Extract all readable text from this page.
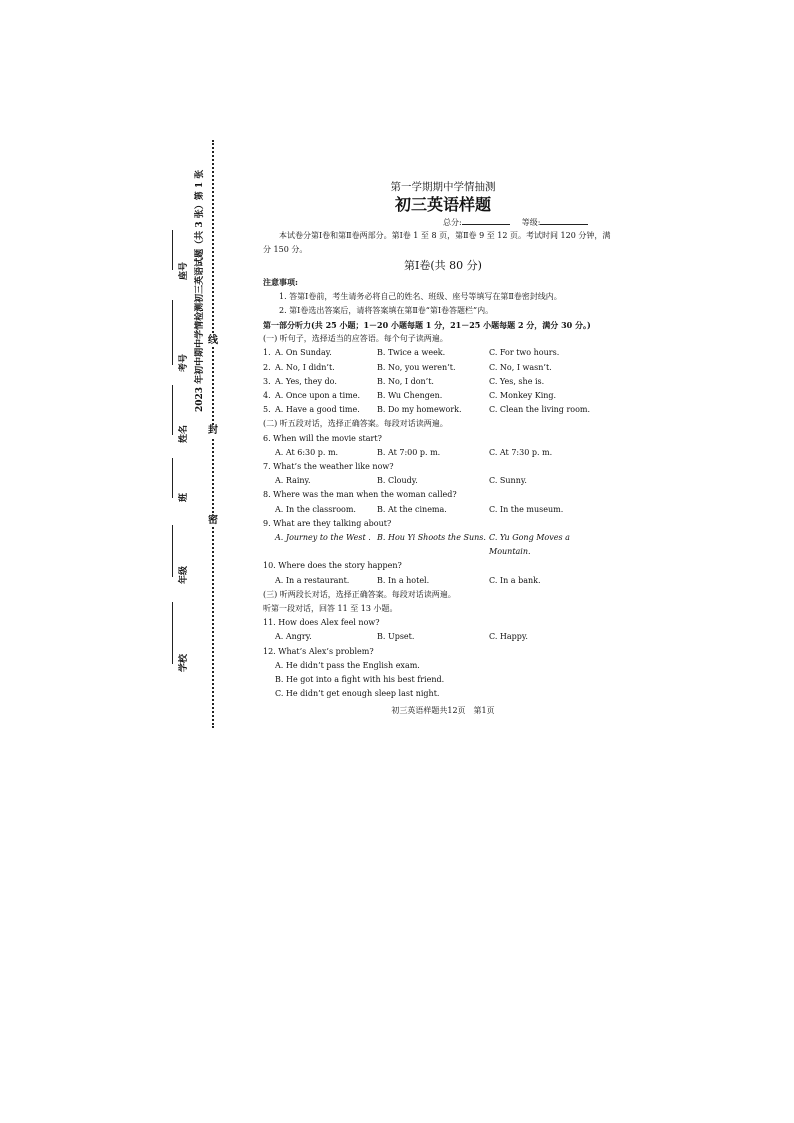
线
封
密
2023 年初中期中学情检测初三英语试题（共 3 张）第 1 张
座号
考号
姓名
班
年级
学校
第一学期期中学情抽测
初三英语样题
总分:	等级:
本试卷分第Ⅰ卷和第Ⅱ卷两部分。第Ⅰ卷 1 至 8 页，第Ⅱ卷 9 至 12 页。考试时间 120 分钟，满分 150 分。
第Ⅰ卷(共 80 分)
注意事项:
1. 答第Ⅰ卷前，考生请务必将自己的姓名、班级、座号等填写在第Ⅱ卷密封线内。
2. 第Ⅰ卷选出答案后，请将答案填在第Ⅱ卷“第Ⅰ卷答题栏”内。
第一部分听力(共 25 小题；1－20 小题每题 1 分，21－25 小题每题 2 分，满分 30 分。)
(一) 听句子，选择适当的应答语。每个句子读两遍。
1. A. On Sunday.	B. Twice a week.	C. For two hours.
2. A. No, I didn’t.	B. No, you weren’t.	C. No, I wasn’t.
3. A. Yes, they do.	B. No, I don’t.	C. Yes, she is.
4. A. Once upon a time.	B. Wu Chengen.	C. Monkey King.
5. A. Have a good time.	B. Do my homework.	C. Clean the living room.
(二) 听五段对话，选择正确答案。每段对话读两遍。
6. When will the movie start?
A. At 6:30 p. m.	B. At 7:00 p. m.	C. At 7:30 p. m.
7. What’s the weather like now?
A. Rainy.	B. Cloudy.	C. Sunny.
8. Where was the man when the woman called?
A. In the classroom.	B. At the cinema.	C. In the museum.
9. What are they talking about?
A. Journey to the West . B. Hou Yi Shoots the Suns. C. Yu Gong Moves a Mountain.
10. Where does the story happen?
A. In a restaurant.	B. In a hotel.	C. In a bank.
(三) 听两段长对话，选择正确答案。每段对话读两遍。
听第一段对话，回答 11 至 13 小题。
11. How does Alex feel now?
A. Angry.	B. Upset.	C. Happy.
12. What’s Alex’s problem?
A. He didn’t pass the English exam.
B. He got into a fight with his best friend.
C. He didn’t get enough sleep last night.
初三英语样题共12页　第1页
